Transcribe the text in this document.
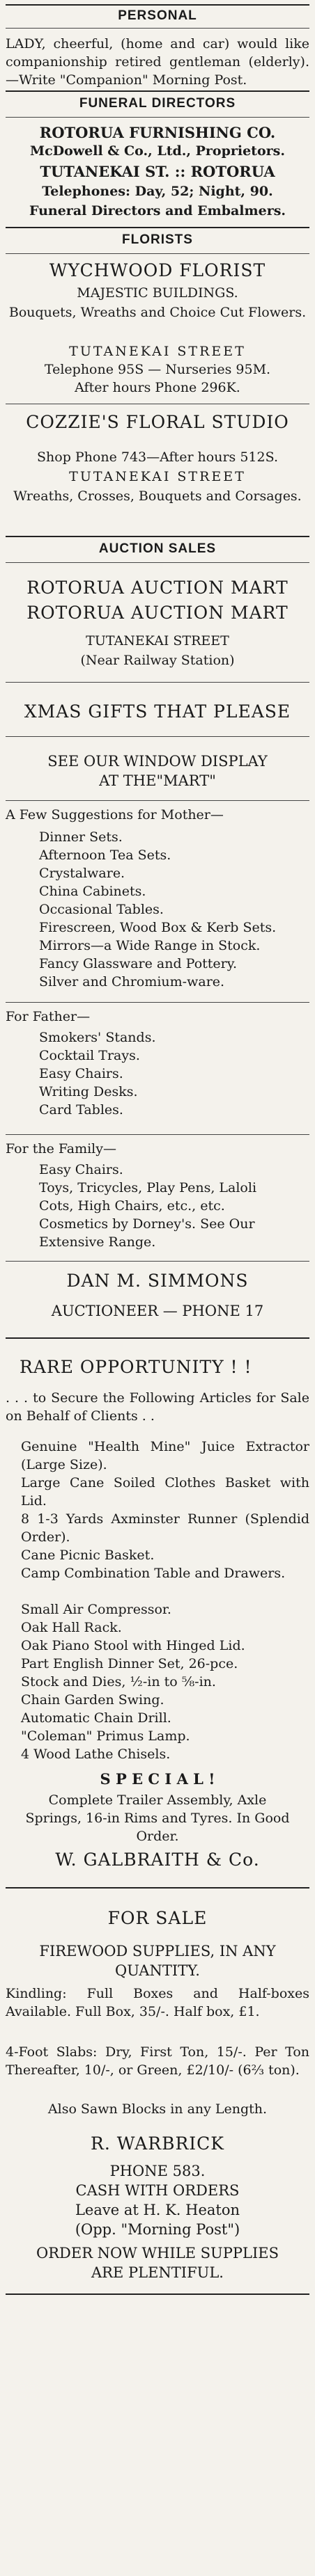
PERSONAL
LADY, cheerful, (home and car) would like companionship retired gentleman (elderly).—Write "Companion" Morning Post.
FUNERAL DIRECTORS
ROTORUA FURNISHING CO.
McDowell & Co., Ltd., Proprietors.
TUTANEKAI ST. :: ROTORUA
Telephones: Day, 52; Night, 90.
Funeral Directors and Embalmers.
FLORISTS
WYCHWOOD FLORIST
MAJESTIC BUILDINGS.
Bouquets, Wreaths and Choice Cut Flowers.
TUTANEKAI STREET
Telephone 95S — Nurseries 95M.
After hours Phone 296K.
COZZIE'S FLORAL STUDIO
Shop Phone 743—After hours 512S.
TUTANEKAI STREET
Wreaths, Crosses, Bouquets and Corsages.
AUCTION SALES
ROTORUA AUCTION MART
ROTORUA AUCTION MART
TUTANEKAI STREET
(Near Railway Station)
XMAS GIFTS THAT PLEASE
SEE OUR WINDOW DISPLAY
AT THE"MART"
A Few Suggestions for Mother—
Dinner Sets.
Afternoon Tea Sets.
Crystalware.
China Cabinets.
Occasional Tables.
Firescreen, Wood Box & Kerb Sets.
Mirrors—a Wide Range in Stock.
Fancy Glassware and Pottery.
Silver and Chromium-ware.
For Father—
Smokers' Stands.
Cocktail Trays.
Easy Chairs.
Writing Desks.
Card Tables.
For the Family—
Easy Chairs.
Toys, Tricycles, Play Pens, Laloli
Cots, High Chairs, etc., etc.
Cosmetics by Dorney's. See Our
Extensive Range.
DAN M. SIMMONS
AUCTIONEER — PHONE 17
RARE OPPORTUNITY ! !
. . . to Secure the Following Articles for Sale on Behalf of Clients . .
Genuine "Health Mine" Juice Extractor (Large Size).
Large Cane Soiled Clothes Basket with Lid.
8 1-3 Yards Axminster Runner (Splendid Order).
Cane Picnic Basket.
Camp Combination Table and Drawers.
Small Air Compressor.
Oak Hall Rack.
Oak Piano Stool with Hinged Lid.
Part English Dinner Set, 26-pce.
Stock and Dies, ½-in to ⅝-in.
Chain Garden Swing.
Automatic Chain Drill.
"Coleman" Primus Lamp.
4 Wood Lathe Chisels.
S P E C I A L !
Complete Trailer Assembly, Axle Springs, 16-in Rims and Tyres. In Good Order.
W. GALBRAITH & Co.
FOR SALE
FIREWOOD SUPPLIES, IN ANY QUANTITY.
Kindling: Full Boxes and Half-boxes Available. Full Box, 35/-. Half box, £1.
4-Foot Slabs: Dry, First Ton, 15/-. Per Ton Thereafter, 10/-, or Green, £2/10/- (6⅔ ton).
Also Sawn Blocks in any Length.
R. WARBRICK
PHONE 583.
CASH WITH ORDERS
Leave at H. K. Heaton
(Opp. "Morning Post")
ORDER NOW WHILE SUPPLIES
ARE PLENTIFUL.
